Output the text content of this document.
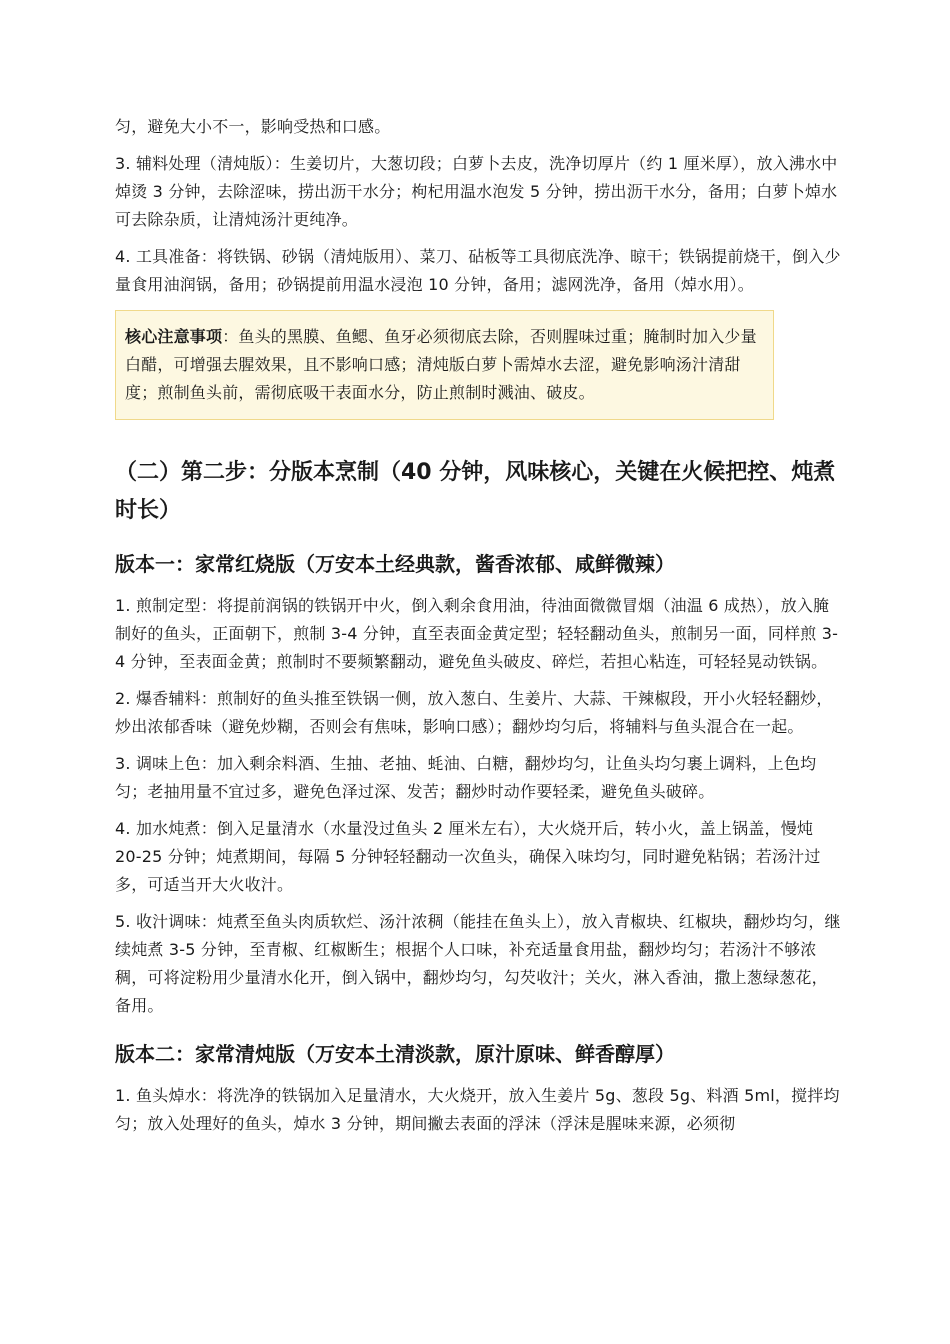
匀，避免大小不一，影响受热和口感。

3. 辅料处理（清炖版）：生姜切片，大葱切段；白萝卜去皮，洗净切厚片（约 1 厘米厚），放入沸水中焯烫 3 分钟，去除涩味，捞出沥干水分；枸杞用温水泡发 5 分钟，捞出沥干水分，备用；白萝卜焯水可去除杂质，让清炖汤汁更纯净。

4. 工具准备：将铁锅、砂锅（清炖版用）、菜刀、砧板等工具彻底洗净、晾干；铁锅提前烧干，倒入少量食用油润锅，备用；砂锅提前用温水浸泡 10 分钟，备用；滤网洗净，备用（焯水用）。

核心注意事项：鱼头的黑膜、鱼鳃、鱼牙必须彻底去除，否则腥味过重；腌制时加入少量白醋，可增强去腥效果，且不影响口感；清炖版白萝卜需焯水去涩，避免影响汤汁清甜度；煎制鱼头前，需彻底吸干表面水分，防止煎制时溅油、破皮。
（二）第二步：分版本烹制（40 分钟，风味核心，关键在火候把控、炖煮时长）
版本一：家常红烧版（万安本土经典款，酱香浓郁、咸鲜微辣）

1. 煎制定型：将提前润锅的铁锅开中火，倒入剩余食用油，待油面微微冒烟（油温 6 成热），放入腌制好的鱼头，正面朝下，煎制 3-4 分钟，直至表面金黄定型；轻轻翻动鱼头，煎制另一面，同样煎 3-4 分钟，至表面金黄；煎制时不要频繁翻动，避免鱼头破皮、碎烂，若担心粘连，可轻轻晃动铁锅。

2. 爆香辅料：煎制好的鱼头推至铁锅一侧，放入葱白、生姜片、大蒜、干辣椒段，开小火轻轻翻炒，炒出浓郁香味（避免炒糊，否则会有焦味，影响口感）；翻炒均匀后，将辅料与鱼头混合在一起。

3. 调味上色：加入剩余料酒、生抽、老抽、蚝油、白糖，翻炒均匀，让鱼头均匀裹上调料，上色均匀；老抽用量不宜过多，避免色泽过深、发苦；翻炒时动作要轻柔，避免鱼头破碎。

4. 加水炖煮：倒入足量清水（水量没过鱼头 2 厘米左右），大火烧开后，转小火，盖上锅盖，慢炖 20-25 分钟；炖煮期间，每隔 5 分钟轻轻翻动一次鱼头，确保入味均匀，同时避免粘锅；若汤汁过多，可适当开大火收汁。

5. 收汁调味：炖煮至鱼头肉质软烂、汤汁浓稠（能挂在鱼头上），放入青椒块、红椒块，翻炒均匀，继续炖煮 3-5 分钟，至青椒、红椒断生；根据个人口味，补充适量食用盐，翻炒均匀；若汤汁不够浓稠，可将淀粉用少量清水化开，倒入锅中，翻炒均匀，勾芡收汁；关火，淋入香油，撒上葱绿葱花，备用。

版本二：家常清炖版（万安本土清淡款，原汁原味、鲜香醇厚）

1. 鱼头焯水：将洗净的铁锅加入足量清水，大火烧开，放入生姜片 5g、葱段 5g、料酒 5ml，搅拌均匀；放入处理好的鱼头，焯水 3 分钟，期间撇去表面的浮沫（浮沫是腥味来源，必须彻
